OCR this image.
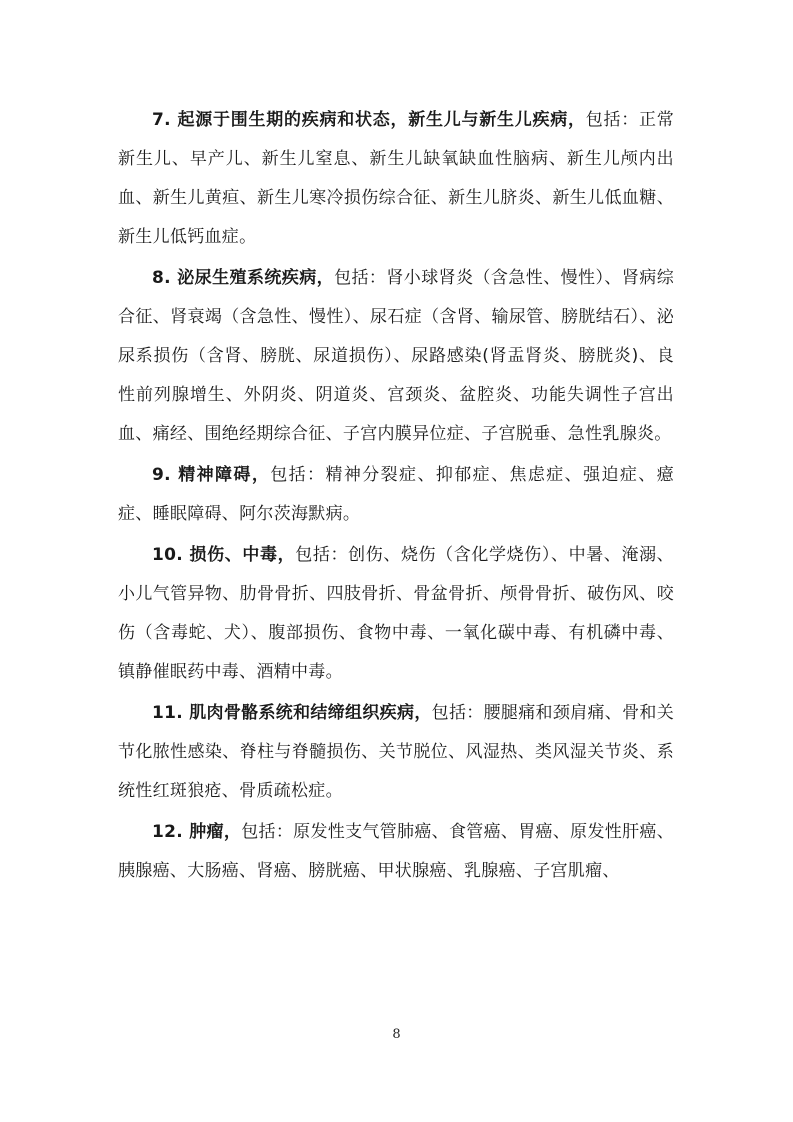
7. 起源于围生期的疾病和状态，新生儿与新生儿疾病，包括：正常新生儿、早产儿、新生儿窒息、新生儿缺氧缺血性脑病、新生儿颅内出血、新生儿黄疸、新生儿寒冷损伤综合征、新生儿脐炎、新生儿低血糖、新生儿低钙血症。

8. 泌尿生殖系统疾病，包括：肾小球肾炎（含急性、慢性）、肾病综合征、肾衰竭（含急性、慢性）、尿石症（含肾、输尿管、膀胱结石）、泌尿系损伤（含肾、膀胱、尿道损伤）、尿路感染(肾盂肾炎、膀胱炎)、良性前列腺增生、外阴炎、阴道炎、宫颈炎、盆腔炎、功能失调性子宫出血、痛经、围绝经期综合征、子宫内膜异位症、子宫脱垂、急性乳腺炎。

9. 精神障碍，包括：精神分裂症、抑郁症、焦虑症、强迫症、癔症、睡眠障碍、阿尔茨海默病。

10. 损伤、中毒，包括：创伤、烧伤（含化学烧伤）、中暑、淹溺、小儿气管异物、肋骨骨折、四肢骨折、骨盆骨折、颅骨骨折、破伤风、咬伤（含毒蛇、犬）、腹部损伤、食物中毒、一氧化碳中毒、有机磷中毒、镇静催眠药中毒、酒精中毒。

11. 肌肉骨骼系统和结缔组织疾病，包括：腰腿痛和颈肩痛、骨和关节化脓性感染、脊柱与脊髓损伤、关节脱位、风湿热、类风湿关节炎、系统性红斑狼疮、骨质疏松症。

12. 肿瘤，包括：原发性支气管肺癌、食管癌、胃癌、原发性肝癌、胰腺癌、大肠癌、肾癌、膀胱癌、甲状腺癌、乳腺癌、子宫肌瘤、

8
